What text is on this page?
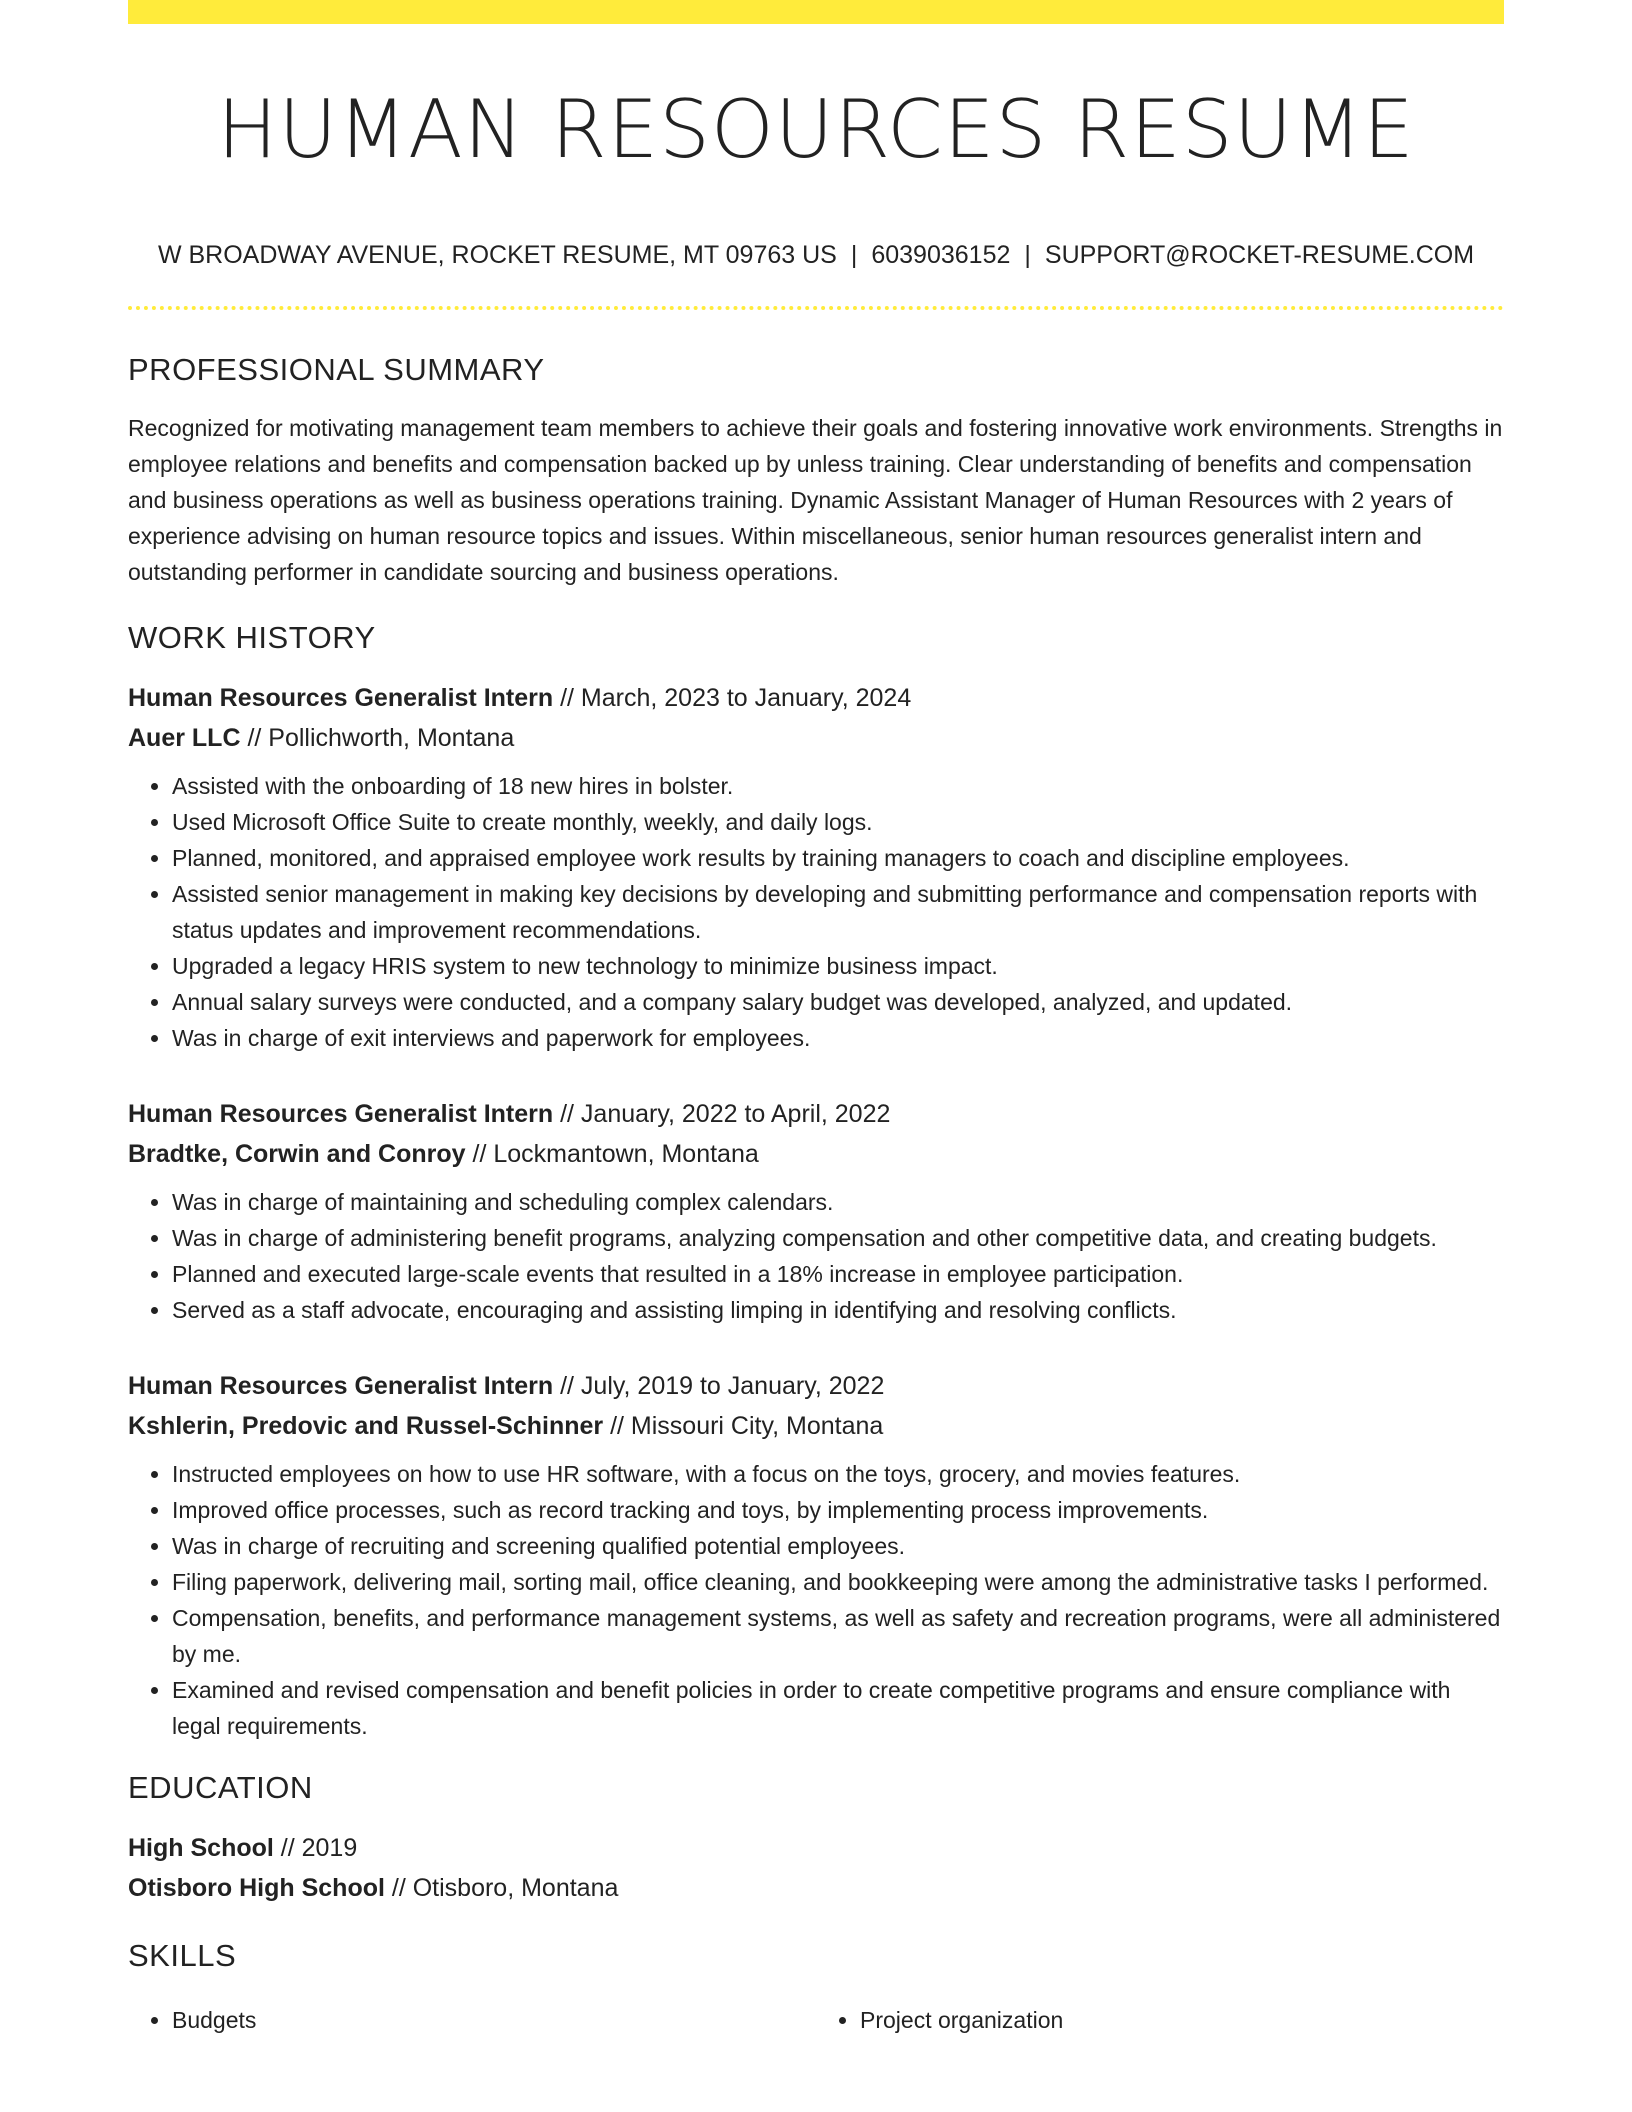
HUMAN RESOURCES RESUME
W BROADWAY AVENUE, ROCKET RESUME, MT 09763 US | 6039036152 | SUPPORT@ROCKET-RESUME.COM
PROFESSIONAL SUMMARY

Recognized for motivating management team members to achieve their goals and fostering innovative work environments. Strengths in employee relations and benefits and compensation backed up by unless training. Clear understanding of benefits and compensation and business operations as well as business operations training. Dynamic Assistant Manager of Human Resources with 2 years of experience advising on human resource topics and issues. Within miscellaneous, senior human resources generalist intern and outstanding performer in candidate sourcing and business operations.

WORK HISTORY
Human Resources Generalist Intern // March, 2023 to January, 2024
Auer LLC // Pollichworth, Montana
• Assisted with the onboarding of 18 new hires in bolster.
• Used Microsoft Office Suite to create monthly, weekly, and daily logs.
• Planned, monitored, and appraised employee work results by training managers to coach and discipline employees.
• Assisted senior management in making key decisions by developing and submitting performance and compensation reports with status updates and improvement recommendations.
• Upgraded a legacy HRIS system to new technology to minimize business impact.
• Annual salary surveys were conducted, and a company salary budget was developed, analyzed, and updated.
• Was in charge of exit interviews and paperwork for employees.
Human Resources Generalist Intern // January, 2022 to April, 2022
Bradtke, Corwin and Conroy // Lockmantown, Montana
• Was in charge of maintaining and scheduling complex calendars.
• Was in charge of administering benefit programs, analyzing compensation and other competitive data, and creating budgets.
• Planned and executed large-scale events that resulted in a 18% increase in employee participation.
• Served as a staff advocate, encouraging and assisting limping in identifying and resolving conflicts.
Human Resources Generalist Intern // July, 2019 to January, 2022
Kshlerin, Predovic and Russel-Schinner // Missouri City, Montana
• Instructed employees on how to use HR software, with a focus on the toys, grocery, and movies features.
• Improved office processes, such as record tracking and toys, by implementing process improvements.
• Was in charge of recruiting and screening qualified potential employees.
• Filing paperwork, delivering mail, sorting mail, office cleaning, and bookkeeping were among the administrative tasks I performed.
• Compensation, benefits, and performance management systems, as well as safety and recreation programs, were all administered by me.
• Examined and revised compensation and benefit policies in order to create competitive programs and ensure compliance with legal requirements.
EDUCATION
High School // 2019
Otisboro High School // Otisboro, Montana
SKILLS
• Budgets
•	Project organization
